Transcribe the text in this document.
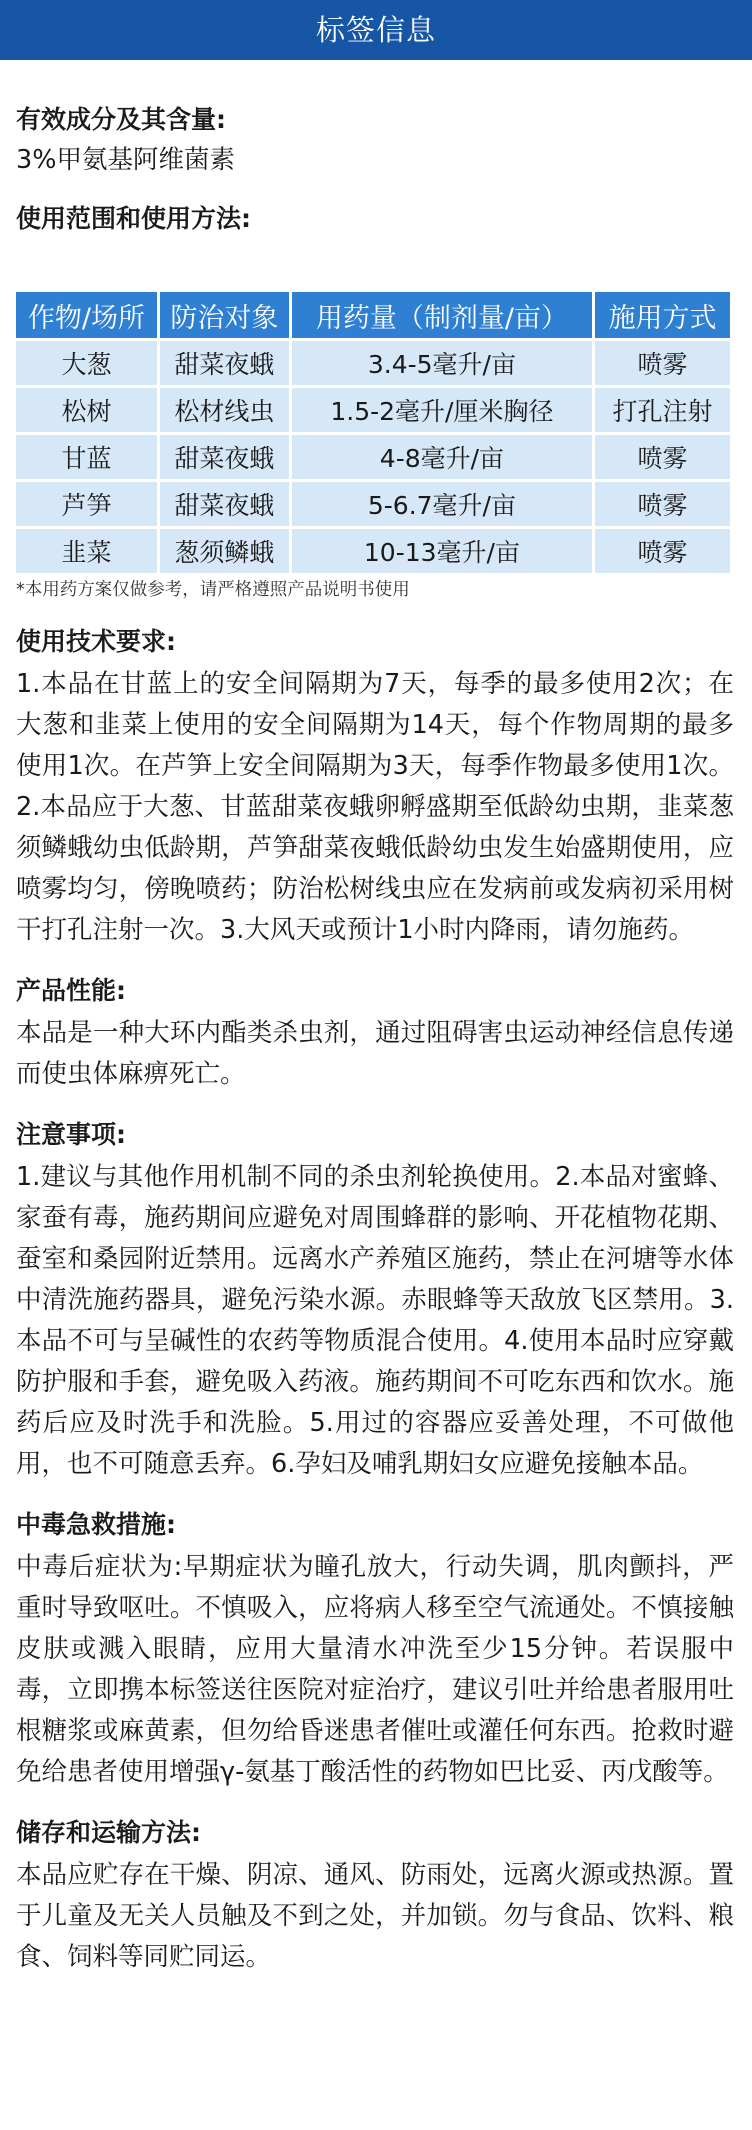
标签信息

有效成分及其含量:

3%甲氨基阿维菌素

使用范围和使用方法:

作物/场所	防治对象	用药量（制剂量/亩）	施用方式
大葱	甜菜夜蛾	3.4-5毫升/亩	喷雾
松树	松材线虫	1.5-2毫升/厘米胸径	打孔注射
甘蓝	甜菜夜蛾	4-8毫升/亩	喷雾
芦笋	甜菜夜蛾	5-6.7毫升/亩	喷雾
韭菜	葱须鳞蛾	10-13毫升/亩	喷雾

*本用药方案仅做参考，请严格遵照产品说明书使用

使用技术要求:

1.本品在甘蓝上的安全间隔期为7天，每季的最多使用2次；在大葱和韭菜上使用的安全间隔期为14天，每个作物周期的最多使用1次。在芦笋上安全间隔期为3天，每季作物最多使用1次。2.本品应于大葱、甘蓝甜菜夜蛾卵孵盛期至低龄幼虫期，韭菜葱须鳞蛾幼虫低龄期，芦笋甜菜夜蛾低龄幼虫发生始盛期使用，应喷雾均匀，傍晚喷药；防治松树线虫应在发病前或发病初采用树干打孔注射一次。3.大风天或预计1小时内降雨，请勿施药。

产品性能:

本品是一种大环内酯类杀虫剂，通过阻碍害虫运动神经信息传递而使虫体麻痹死亡。

注意事项:

1.建议与其他作用机制不同的杀虫剂轮换使用。2.本品对蜜蜂、家蚕有毒，施药期间应避免对周围蜂群的影响、开花植物花期、蚕室和桑园附近禁用。远离水产养殖区施药，禁止在河塘等水体中清洗施药器具，避免污染水源。赤眼蜂等天敌放飞区禁用。3.本品不可与呈碱性的农药等物质混合使用。4.使用本品时应穿戴防护服和手套，避免吸入药液。施药期间不可吃东西和饮水。施药后应及时洗手和洗脸。5.用过的容器应妥善处理，不可做他用，也不可随意丢弃。6.孕妇及哺乳期妇女应避免接触本品。

中毒急救措施:

中毒后症状为:早期症状为瞳孔放大，行动失调，肌肉颤抖，严重时导致呕吐。不慎吸入，应将病人移至空气流通处。不慎接触皮肤或溅入眼睛，应用大量清水冲洗至少15分钟。若误服中毒，立即携本标签送往医院对症治疗，建议引吐并给患者服用吐根糖浆或麻黄素，但勿给昏迷患者催吐或灌任何东西。抢救时避免给患者使用增强γ-氨基丁酸活性的药物如巴比妥、丙戊酸等。

储存和运输方法:

本品应贮存在干燥、阴凉、通风、防雨处，远离火源或热源。置于儿童及无关人员触及不到之处，并加锁。勿与食品、饮料、粮食、饲料等同贮同运。
